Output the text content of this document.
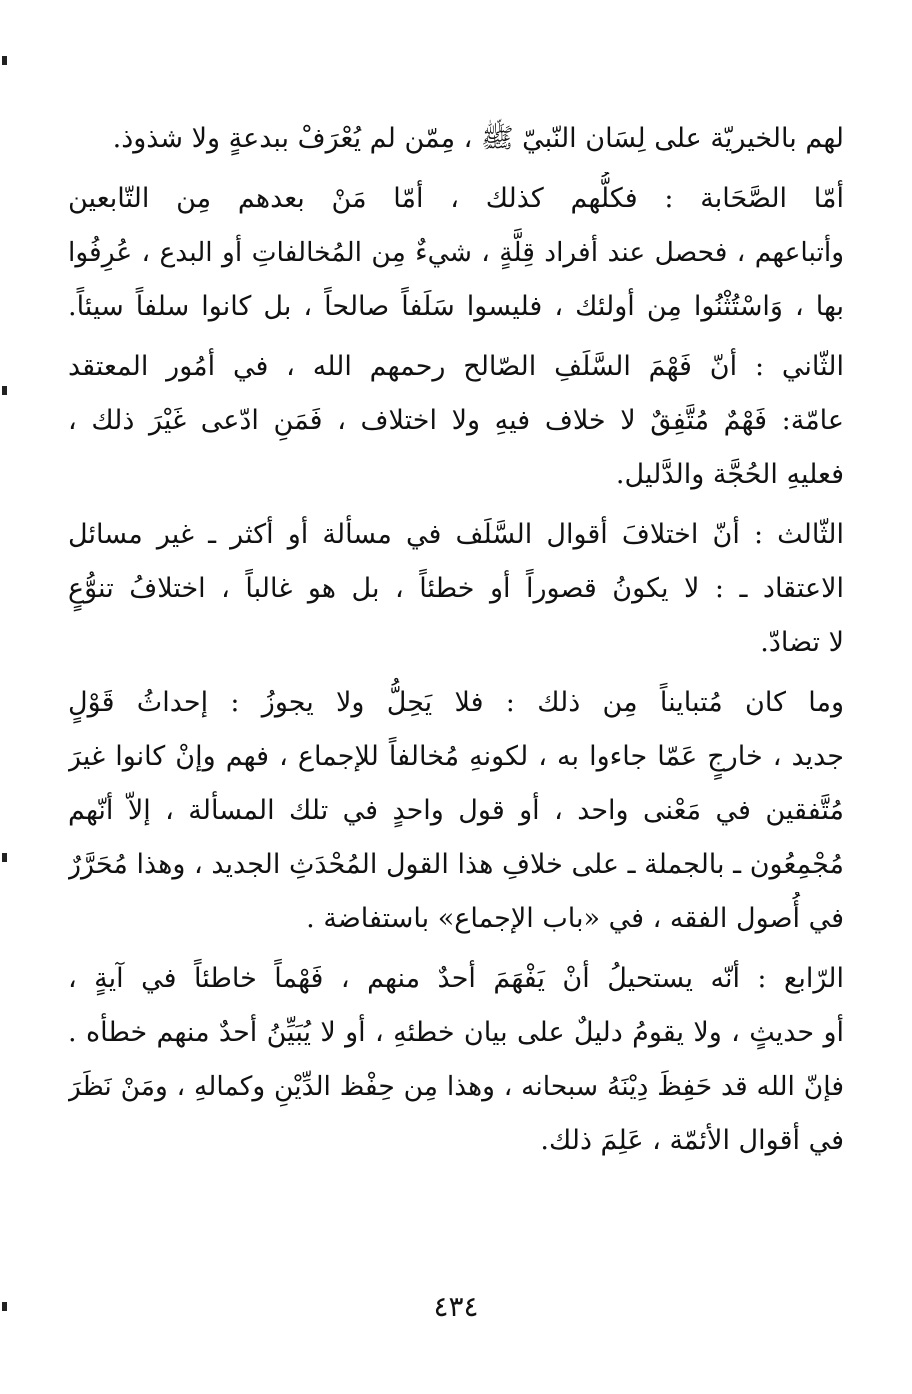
لهم بالخيريّة على لِسَان النّبيّ ﷺ ، مِمّن لم يُعْرَفْ ببدعةٍ ولا شذوذ.
أمّا الصَّحَابة : فكلُّهم كذلك ، أمّا مَنْ بعدهم مِن التّابعين
وأتباعهم ، فحصل عند أفراد قِلَّةٍ ، شيءٌ مِن المُخالفاتِ أو البدع ، عُرِفُوا
بها ، وَاسْتُثْنُوا مِن أولئك ، فليسوا سَلَفاً صالحاً ، بل كانوا سلفاً سيئاً.
الثّاني : أنّ فَهْمَ السَّلَفِ الصّالح رحمهم الله ، في أمُور المعتقد
عامّة: فَهْمٌ مُتَّفِقٌ لا خلاف فيهِ ولا اختلاف ، فَمَنِ ادّعى غَيْرَ ذلك ،
فعليهِ الحُجَّة والدَّليل.
الثّالث : أنّ اختلافَ أقوال السَّلَف في مسألة أو أكثر ـ غير مسائل
الاعتقاد ـ : لا يكونُ قصوراً أو خطئاً ، بل هو غالباً ، اختلافُ تنوُّعٍ
لا تضادّ.
وما كان مُتبايناً مِن ذلك : فلا يَحِلُّ ولا يجوزُ : إحداثُ قَوْلٍ
جديد ، خارجٍ عَمّا جاءوا به ، لكونهِ مُخالفاً للإجماع ، فهم وإنْ كانوا غيرَ
مُتَّفقين في مَعْنى واحد ، أو قول واحدٍ في تلك المسألة ، إلاّ أنّهم
مُجْمِعُون ـ بالجملة ـ على خلافِ هذا القول المُحْدَثِ الجديد ، وهذا مُحَرَّرٌ
في أُصول الفقه ، في «باب الإجماع» باستفاضة .
الرّابع : أنّه يستحيلُ أنْ يَفْهَمَ أحدٌ منهم ، فَهْماً خاطئاً في آيةٍ ،
أو حديثٍ ، ولا يقومُ دليلٌ على بيان خطئهِ ، أو لا يُبَيِّنُ أحدٌ منهم خطأه .
فإنّ الله قد حَفِظَ دِيْنَهُ سبحانه ، وهذا مِن حِفْظ الدِّيْنِ وكمالهِ ، ومَنْ نَظَرَ
في أقوال الأئمّة ، عَلِمَ ذلك.
٤٣٤
